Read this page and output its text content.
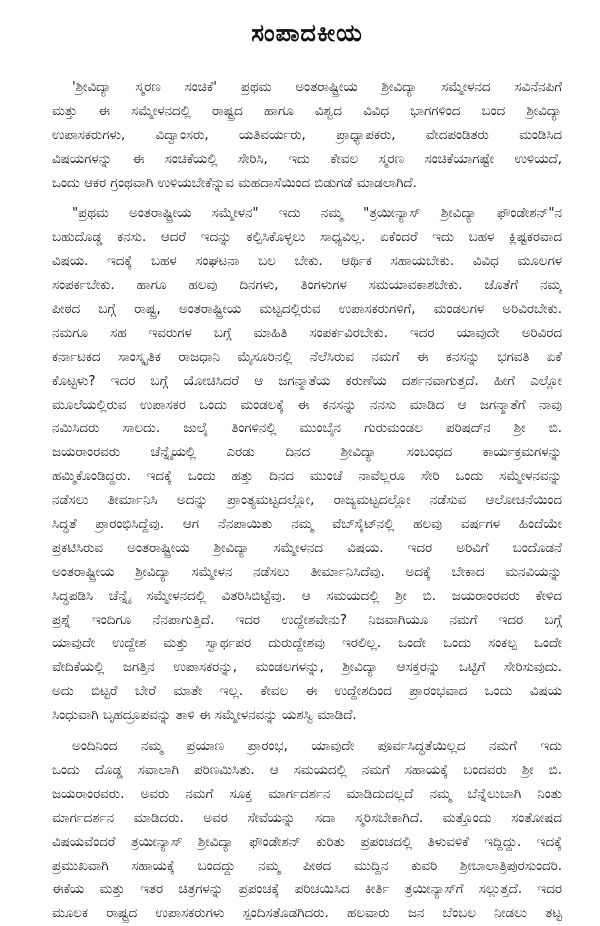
ಸಂಪಾದಕೀಯ
'ಶ್ರೀವಿದ್ಯಾ ಸ್ಮರಣ ಸಂಚಿಕೆ' ಪ್ರಥಮ ಅಂತರಾಷ್ಟ್ರೀಯ ಶ್ರೀವಿದ್ಯಾ ಸಮ್ಮೇಳನದ ಸವಿನೆನಪಿಗೆ
ಮತ್ತು ಈ ಸಮ್ಮೇಳನದಲ್ಲಿ ರಾಷ್ಟ್ರದ ಹಾಗೂ ವಿಶ್ವದ ವಿವಿಧ ಭಾಗಗಳಿಂದ ಬಂದ ಶ್ರೀವಿದ್ಯಾ
ಉಪಾಸಕರುಗಳು, ವಿದ್ವಾಂಸರು, ಯತಿವರ್ಯರು, ಪ್ರಾಧ್ಯಾಪಕರು, ವೇದಪಂಡಿತರು ಮಂಡಿಸಿದ
ವಿಷಯಗಳನ್ನು ಈ ಸಂಚಿಕೆಯಲ್ಲಿ ಸೇರಿಸಿ, ಇದು ಕೇವಲ ಸ್ಮರಣ ಸಂಚಿಕೆಯಾಗಷ್ಟೇ ಉಳಿಯದೆ,
ಒಂದು ಆಕರ ಗ್ರಂಥವಾಗಿ ಉಳಿಯಬೇಕೆನ್ನುವ ಮಹದಾಸೆಯಿಂದ ಬಿಡುಗಡೆ ಮಾಡಲಾಗಿದೆ.
"ಪ್ರಥಮ ಅಂತರಾಷ್ಟ್ರೀಯ ಸಮ್ಮೇಳನ" ಇದು ನಮ್ಮ "ತ್ರಯೀನ್ಯಾಸ್ ಶ್ರೀವಿದ್ಯಾ ಫೌಂಡೇಶನ್"ನ
ಬಹುದೊಡ್ಡ ಕನಸು. ಆದರೆ ಇದನ್ನು ಕಲ್ಪಿಸಿಕೊಳ್ಳಲು ಸಾಧ್ಯವಿಲ್ಲ. ಏಕೆಂದರೆ ಇದು ಬಹಳ ಕ್ಲಿಷ್ಟಕರವಾದ
ವಿಷಯ. ಇದಕ್ಕೆ ಬಹಳ ಸಂಘಟನಾ ಬಲ ಬೇಕು. ಆರ್ಥಿಕ ಸಹಾಯಬೇಕು. ವಿವಿಧ ಮೂಲಗಳ
ಸಂಪರ್ಕಬೇಕು. ಹಾಗೂ ಹಲವು ದಿನಗಳು, ತಿಂಗಳುಗಳ ಸಮಯಾವಕಾಶಬೇಕು. ಜೊತೆಗೆ ನಮ್ಮ
ಪೀಠದ ಬಗ್ಗೆ ರಾಷ್ಟ್ರ, ಅಂತರಾಷ್ಟ್ರೀಯ ಮಟ್ಟದಲ್ಲಿರುವ ಉಪಾಸಕರುಗಳಿಗೆ, ಮಂಡಲಗಳ ಅರಿವಿರಬೇಕು.
ನಮಗೂ ಸಹ ಇವರುಗಳ ಬಗ್ಗೆ ಮಾಹಿತಿ ಸಂಪರ್ಕವಿರಬೇಕು. ಇದರ ಯಾವುದೇ ಅರಿವಿರದ
ಕರ್ನಾಟಕದ ಸಾಂಸ್ಕೃತಿಕ ರಾಜಧಾನಿ ಮೈಸೂರಿನಲ್ಲಿ ನೆಲೆಸಿರುವ ನಮಗೆ ಈ ಕನಸನ್ನು ಭಗವತಿ ಏಕೆ
ಕೊಟ್ಟಳು? ಇದರ ಬಗ್ಗೆ ಯೋಚಿಸಿದರೆ ಆ ಜಗನ್ಮಾತೆಯ ಕರುಣೆಯ ದರ್ಶನವಾಗುತ್ತದೆ. ಹೀಗೆ ಎಲ್ಲೋ
ಮೂಲೆಯಲ್ಲಿರುವ ಉಪಾಸಕರ ಒಂದು ಮಂಡಲಕ್ಕೆ ಈ ಕನಸನ್ನು ನನಸು ಮಾಡಿದ ಆ ಜಗನ್ಮಾತೆಗೆ ನಾವು
ನಮಿಸಿದರು ಸಾಲದು. ಜುಲೈ ತಿಂಗಳಿನಲ್ಲಿ ಮುಂಬೈನ ಗುರುಮಂಡಲ ಪರಿಷದ್‍ನ ಶ್ರೀ ಬಿ.
ಜಯರಾಂರವರು ಚೆನ್ನೈಯಲ್ಲಿ ಎರಡು ದಿನದ ಶ್ರೀವಿದ್ಯಾ ಸಂಬಂಧದ ಕಾರ್ಯಕ್ರಮಗಳನ್ನು
ಹಮ್ಮಿಕೊಂಡಿದ್ದರು. ಇದಕ್ಕೆ ಒಂದು ಹತ್ತು ದಿನದ ಮುಂಚೆ ನಾವೆಲ್ಲರೂ ಸೇರಿ ಒಂದು ಸಮ್ಮೇಳನವನ್ನು
ನಡೆಸಲು ತೀರ್ಮಾನಿಸಿ ಅದನ್ನು ಪ್ರಾಂತ್ಯಮಟ್ಟದಲ್ಲೋ, ರಾಜ್ಯಮಟ್ಟದಲ್ಲೋ ನಡೆಸುವ ಆಲೋಚನೆಯಿಂದ
ಸಿದ್ಧತೆ ಪ್ರಾರಂಭಿಸಿದ್ದೆವು. ಆಗ ನೆನಪಾಯಿತು ನಮ್ಮ ವೆಬ್‍ಸೈಟ್‍ನಲ್ಲಿ ಹಲವು ವರ್ಷಗಳ ಹಿಂದೆಯೇ
ಪ್ರಕಟಿಸಿರುವ ಅಂತರಾಷ್ಟ್ರೀಯ ಶ್ರೀವಿದ್ಯಾ ಸಮ್ಮೇಳನದ ವಿಷಯ. ಇದರ ಅರಿವಿಗೆ ಬಂದೊಡನೆ
ಅಂತರಾಷ್ಟ್ರೀಯ ಶ್ರೀವಿದ್ಯಾ ಸಮ್ಮೇಳನ ನಡೆಸಲು ತೀರ್ಮಾನಿಸಿದೆವು. ಅದಕ್ಕೆ ಬೇಕಾದ ಮನವಿಯನ್ನು
ಸಿದ್ಧಪಡಿಸಿ ಚೆನ್ನೈ ಸಮ್ಮೇಳನದಲ್ಲಿ ವಿತರಿಸಿಬಿಟ್ಟೆವು. ಆ ಸಮಯದಲ್ಲಿ ಶ್ರೀ ಬಿ. ಜಯರಾಂರವರು ಕೇಳಿದ
ಪ್ರಶ್ನೆ ಇಂದಿಗೂ ನೆನಪಾಗುತ್ತಿದೆ. ಇದರ ಉದ್ದೇಶವೇನು? ನಿಜವಾಗಿಯೂ ನಮಗೆ ಇದರ ಬಗ್ಗೆ
ಯಾವುದೇ ಉದ್ದೇಶ ಮತ್ತು ಸ್ವಾರ್ಥಪರ ದುರುದ್ದೇಶವು ಇರಲಿಲ್ಲ. ಒಂದೇ ಒಂದು ಸಂಕಲ್ಪ ಒಂದೇ
ವೇದಿಕೆಯಲ್ಲಿ ಜಗತ್ತಿನ ಉಪಾಸಕರನ್ನು, ಮಂಡಲಗಳನ್ನು, ಶ್ರೀವಿದ್ಯಾ ಆಸಕ್ತರನ್ನು ಒಟ್ಟಿಗೆ ಸೇರಿಸುವುದು.
ಅದು ಬಿಟ್ಟರೆ ಬೇರೆ ಮಾತೇ ಇಲ್ಲ. ಕೇವಲ ಈ ಉದ್ದೇಶದಿಂದ ಪ್ರಾರಂಭವಾದ ಒಂದು ವಿಷಯ
ಸಿಂಧುವಾಗಿ ಬೃಹದ್ರೂಪವನ್ನು ತಾಳಿ ಈ ಸಮ್ಮೇಳನವನ್ನು ಯಶಸ್ವಿ ಮಾಡಿದೆ.
ಅಂದಿನಿಂದ ನಮ್ಮ ಪ್ರಯಾಣ ಪ್ರಾರಂಭ, ಯಾವುದೇ ಪೂರ್ವಸಿದ್ಧತೆಯಿಲ್ಲದ ನಮಗೆ ಇದು
ಒಂದು ದೊಡ್ಡ ಸವಾಲಾಗಿ ಪರಿಣಮಿಸಿತು. ಆ ಸಮಯದಲ್ಲಿ ನಮಗೆ ಸಹಾಯಕ್ಕೆ ಬಂದವರು ಶ್ರೀ ಬಿ.
ಜಯರಾಂರವರು. ಅವರು ನಮಗೆ ಸೂಕ್ತ ಮಾರ್ಗದರ್ಶನ ಮಾಡಿದುದಲ್ಲದೆ ನಮ್ಮ ಬೆನ್ನೆಲುಬಾಗಿ ನಿಂತು
ಮಾರ್ಗದರ್ಶನ ಮಾಡಿದರು. ಅವರ ಸೇವೆಯನ್ನು ಸದಾ ಸ್ಮರಿಸಬೇಕಾಗಿದೆ. ಮತ್ತೊಂದು ಸಂತೋಷದ
ವಿಷಯವೆಂದರೆ ತ್ರಯೀನ್ಯಾಸ್ ಶ್ರೀವಿದ್ಯಾ ಫೌಂಡೇಶನ್ ಕುರಿತು ಪ್ರಪಂಚದಲ್ಲಿ ತಿಳುವಳಿಕೆ ಇದ್ದಿದ್ದು. ಇದಕ್ಕೆ
ಪ್ರಮುಖವಾಗಿ ಸಹಾಯಕ್ಕೆ ಬಂದದ್ದು ನಮ್ಮ ಪೀಠದ ಮುದ್ದಿನ ಕುವರಿ ಶ್ರೀಬಾಲಾತ್ರಿಪುರಸುಂದರಿ.
ಈಕೆಯ ಮತ್ತು ಇತರ ಚಿತ್ರಗಳನ್ನು ಪ್ರಪಂಚಕ್ಕೆ ಪರಿಚಯಿಸಿದ ಕೀರ್ತಿ ತ್ರಯೀನ್ಯಾಸ್‍ಗೆ ಸಲ್ಲುತ್ತದೆ. ಇದರ
ಮೂಲಕ ರಾಷ್ಟ್ರದ ಉಪಾಸಕರುಗಳು ಸ್ಪಂದಿಸತೊಡಗಿದರು. ಹಲವಾರು ಜನ ಬೆಂಬಲ ನೀಡಲು ತಟ್ಟ
